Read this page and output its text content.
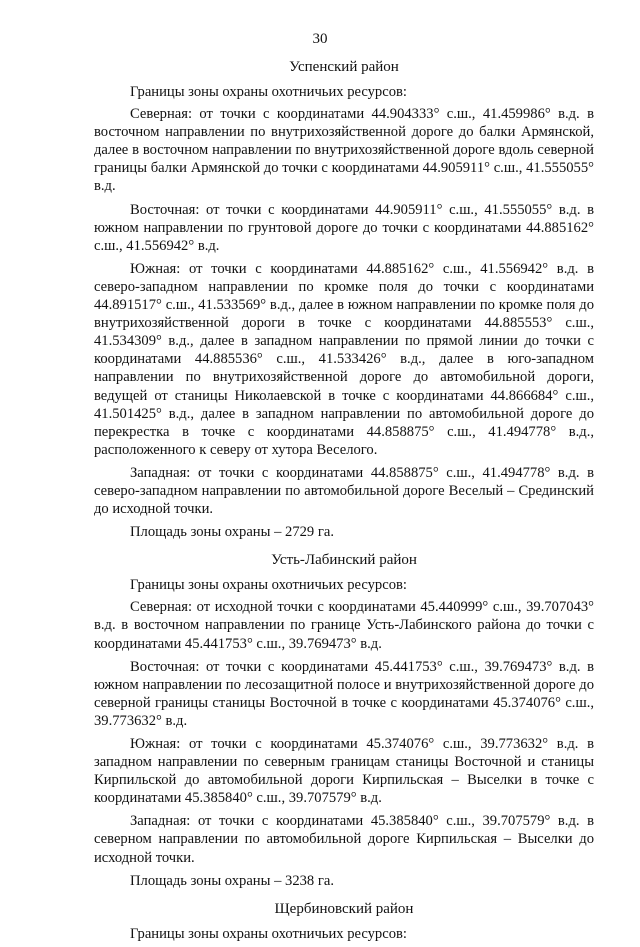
30
Успенский район

Границы зоны охраны охотничьих ресурсов:

Северная: от точки с координатами 44.904333° с.ш., 41.459986° в.д. в восточном направлении по внутрихозяйственной дороге до балки Армянской, далее в восточном направлении по внутрихозяйственной дороге вдоль северной границы балки Армянской до точки с координатами 44.905911° с.ш., 41.555055° в.д.

Восточная: от точки с координатами 44.905911° с.ш., 41.555055° в.д. в южном направлении по грунтовой дороге до точки с координатами 44.885162° с.ш., 41.556942° в.д.

Южная: от точки с координатами 44.885162° с.ш., 41.556942° в.д. в северо-западном направлении по кромке поля до точки с координатами 44.891517° с.ш., 41.533569° в.д., далее в южном направлении по кромке поля до внутрихозяйственной дороги в точке с координатами 44.885553° с.ш., 41.534309° в.д., далее в западном направлении по прямой линии до точки с координатами 44.885536° с.ш., 41.533426° в.д., далее в юго-западном направлении по внутрихозяйственной дороге до автомобильной дороги, ведущей от станицы Николаевской в точке с координатами 44.866684° с.ш., 41.501425° в.д., далее в западном направлении по автомобильной дороге до перекрестка в точке с координатами 44.858875° с.ш., 41.494778° в.д., расположенного к северу от хутора Веселого.

Западная: от точки с координатами 44.858875° с.ш., 41.494778° в.д. в северо-западном направлении по автомобильной дороге Веселый – Срединский до исходной точки.

Площадь зоны охраны – 2729 га.

Усть-Лабинский район

Границы зоны охраны охотничьих ресурсов:

Северная: от исходной точки с координатами 45.440999° с.ш., 39.707043° в.д. в восточном направлении по границе Усть-Лабинского района до точки с координатами 45.441753° с.ш., 39.769473° в.д.

Восточная: от точки с координатами 45.441753° с.ш., 39.769473° в.д. в южном направлении по лесозащитной полосе и внутрихозяйственной дороге до северной границы станицы Восточной в точке с координатами 45.374076° с.ш., 39.773632° в.д.

Южная: от точки с координатами 45.374076° с.ш., 39.773632° в.д. в западном направлении по северным границам станицы Восточной и станицы Кирпильской до автомобильной дороги Кирпильская – Выселки в точке с координатами 45.385840° с.ш., 39.707579° в.д.

Западная: от точки с координатами 45.385840° с.ш., 39.707579° в.д. в северном направлении по автомобильной дороге Кирпильская – Выселки до исходной точки.

Площадь зоны охраны – 3238 га.

Щербиновский район

Границы зоны охраны охотничьих ресурсов:
